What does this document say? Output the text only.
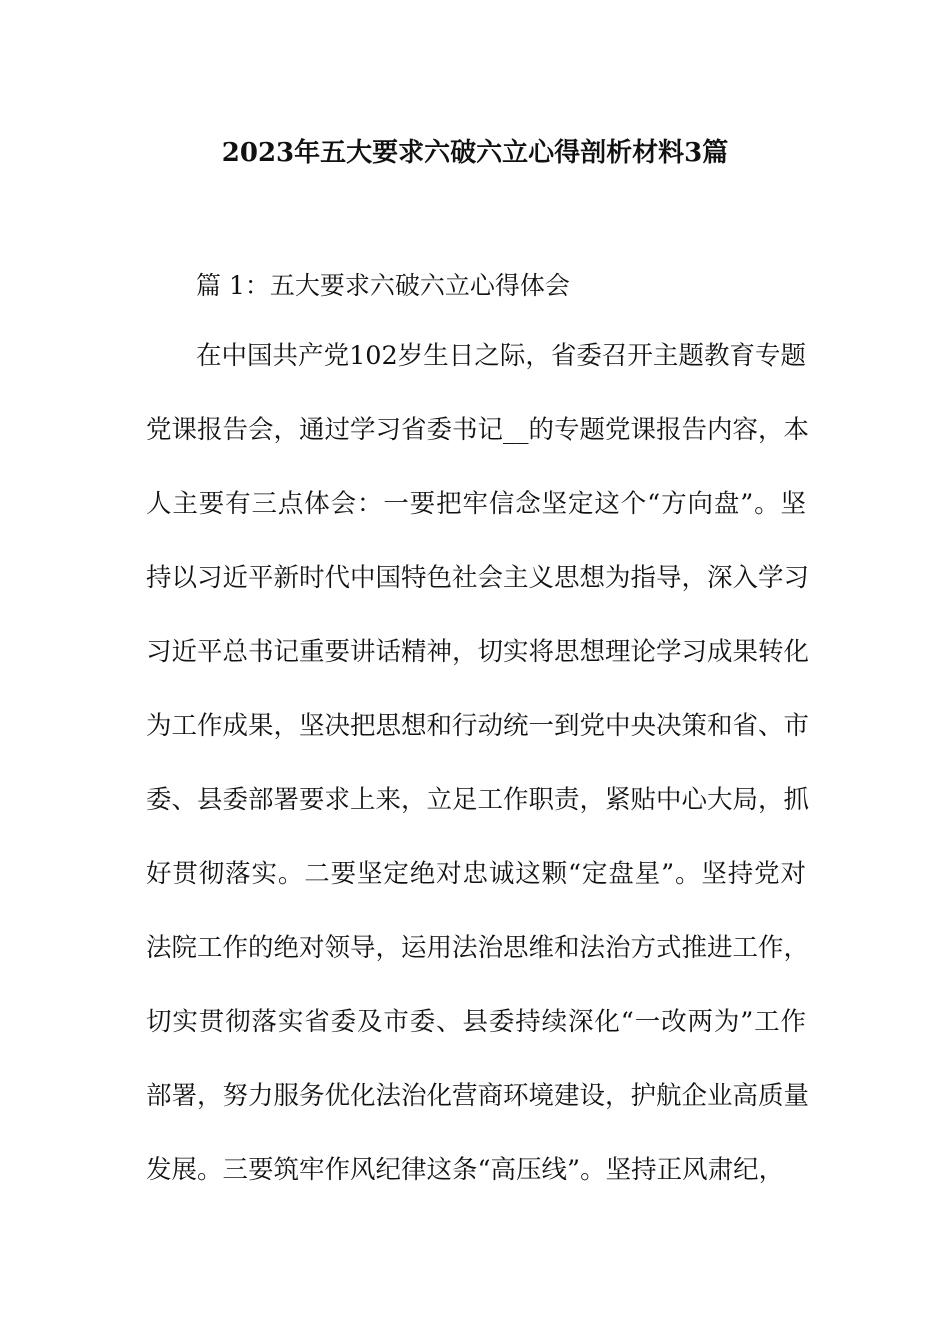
2023年五大要求六破六立心得剖析材料3篇
篇 1：五大要求六破六立心得体会
在中国共产党102岁生日之际，省委召开主题教育专题
党课报告会，通过学习省委书记__的专题党课报告内容，本
人主要有三点体会：一要把牢信念坚定这个“方向盘”。坚
持以习近平新时代中国特色社会主义思想为指导，深入学习
习近平总书记重要讲话精神，切实将思想理论学习成果转化
为工作成果，坚决把思想和行动统一到党中央决策和省、市
委、县委部署要求上来，立足工作职责，紧贴中心大局，抓
好贯彻落实。二要坚定绝对忠诚这颗“定盘星”。坚持党对
法院工作的绝对领导，运用法治思维和法治方式推进工作，
切实贯彻落实省委及市委、县委持续深化“一改两为”工作
部署，努力服务优化法治化营商环境建设，护航企业高质量
发展。三要筑牢作风纪律这条“高压线”。坚持正风肃纪，
